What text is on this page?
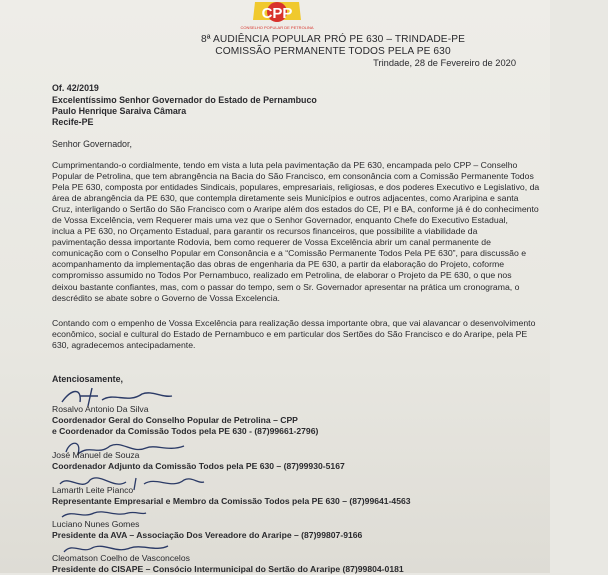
CPP
CONSELHO POPULAR DE PETROLINA
8ª AUDIÊNCIA POPULAR PRÓ PE 630 – TRINDADE-PE
COMISSÃO PERMANENTE TODOS PELA PE 630
Trindade, 28 de Fevereiro de 2020
Of. 42/2019
Excelentíssimo Senhor Governador do Estado de Pernambuco
Paulo Henrique Saraiva Câmara
Recife-PE
Senhor Governador,
Cumprimentando-o cordialmente, tendo em vista a luta pela pavimentação da PE 630, encampada pelo CPP – Conselho
Popular de Petrolina, que tem abrangência na Bacia do São Francisco, em consonância com a Comissão Permanente Todos
Pela PE 630, composta por entidades Sindicais, populares, empresariais, religiosas, e dos poderes Executivo e Legislativo, da
área de abrangência da PE 630, que contempla diretamente seis Municípios e outros adjacentes, como Araripina e santa
Cruz, interligando o Sertão do São Francisco com o Araripe além dos estados do CE, PI e BA, conforme já é do conhecimento
de Vossa Excelência, vem Requerer mais uma vez que o Senhor Governador, enquanto Chefe do Executivo Estadual,
inclua a PE 630, no Orçamento Estadual, para garantir os recursos financeiros, que possibilite a viabilidade da
pavimentação dessa importante Rodovia, bem como requerer de Vossa Excelência abrir um canal permanente de
comunicação com o Conselho Popular em Consonância e a “Comissão Permanente Todos Pela PE 630”, para discussão e
acompanhamento da implementação das obras de engenharia da PE 630, a partir da elaboração do Projeto, coforme
compromisso assumido no Todos Por Pernambuco, realizado em Petrolina, de elaborar o Projeto da PE 630, o que nos
deixou bastante confiantes, mas, com o passar do tempo, sem o Sr. Governador apresentar na prática um cronograma, o
descrédito se abate sobre o Governo de Vossa Excelencia.
Contando com o empenho de Vossa Excelência para realização dessa importante obra, que vai alavancar o desenvolvimento
econômico, social e cultural do Estado de Pernambuco e em particular dos Sertões do São Francisco e do Araripe, pela PE
630, agradecemos antecipadamente.
Atenciosamente,
Rosalvo Antonio Da Silva
Coordenador Geral do Conselho Popular de Petrolina – CPP
e Coordenador da Comissão Todos pela PE 630 - (87)99661-2796)
José Manuel de Souza
Coordenador Adjunto da Comissão Todos pela PE 630 – (87)99930-5167
Lamarth Leite Pianco
Representante Empresarial e Membro da Comissão Todos pela PE 630 – (87)99641-4563
Luciano Nunes Gomes
Presidente da AVA – Associação Dos Vereadore do Araripe – (87)99807-9166
Cleomatson Coelho de Vasconcelos
Presidente do CISAPE – Consócio Intermunicipal do Sertão do Araripe (87)99804-0181
